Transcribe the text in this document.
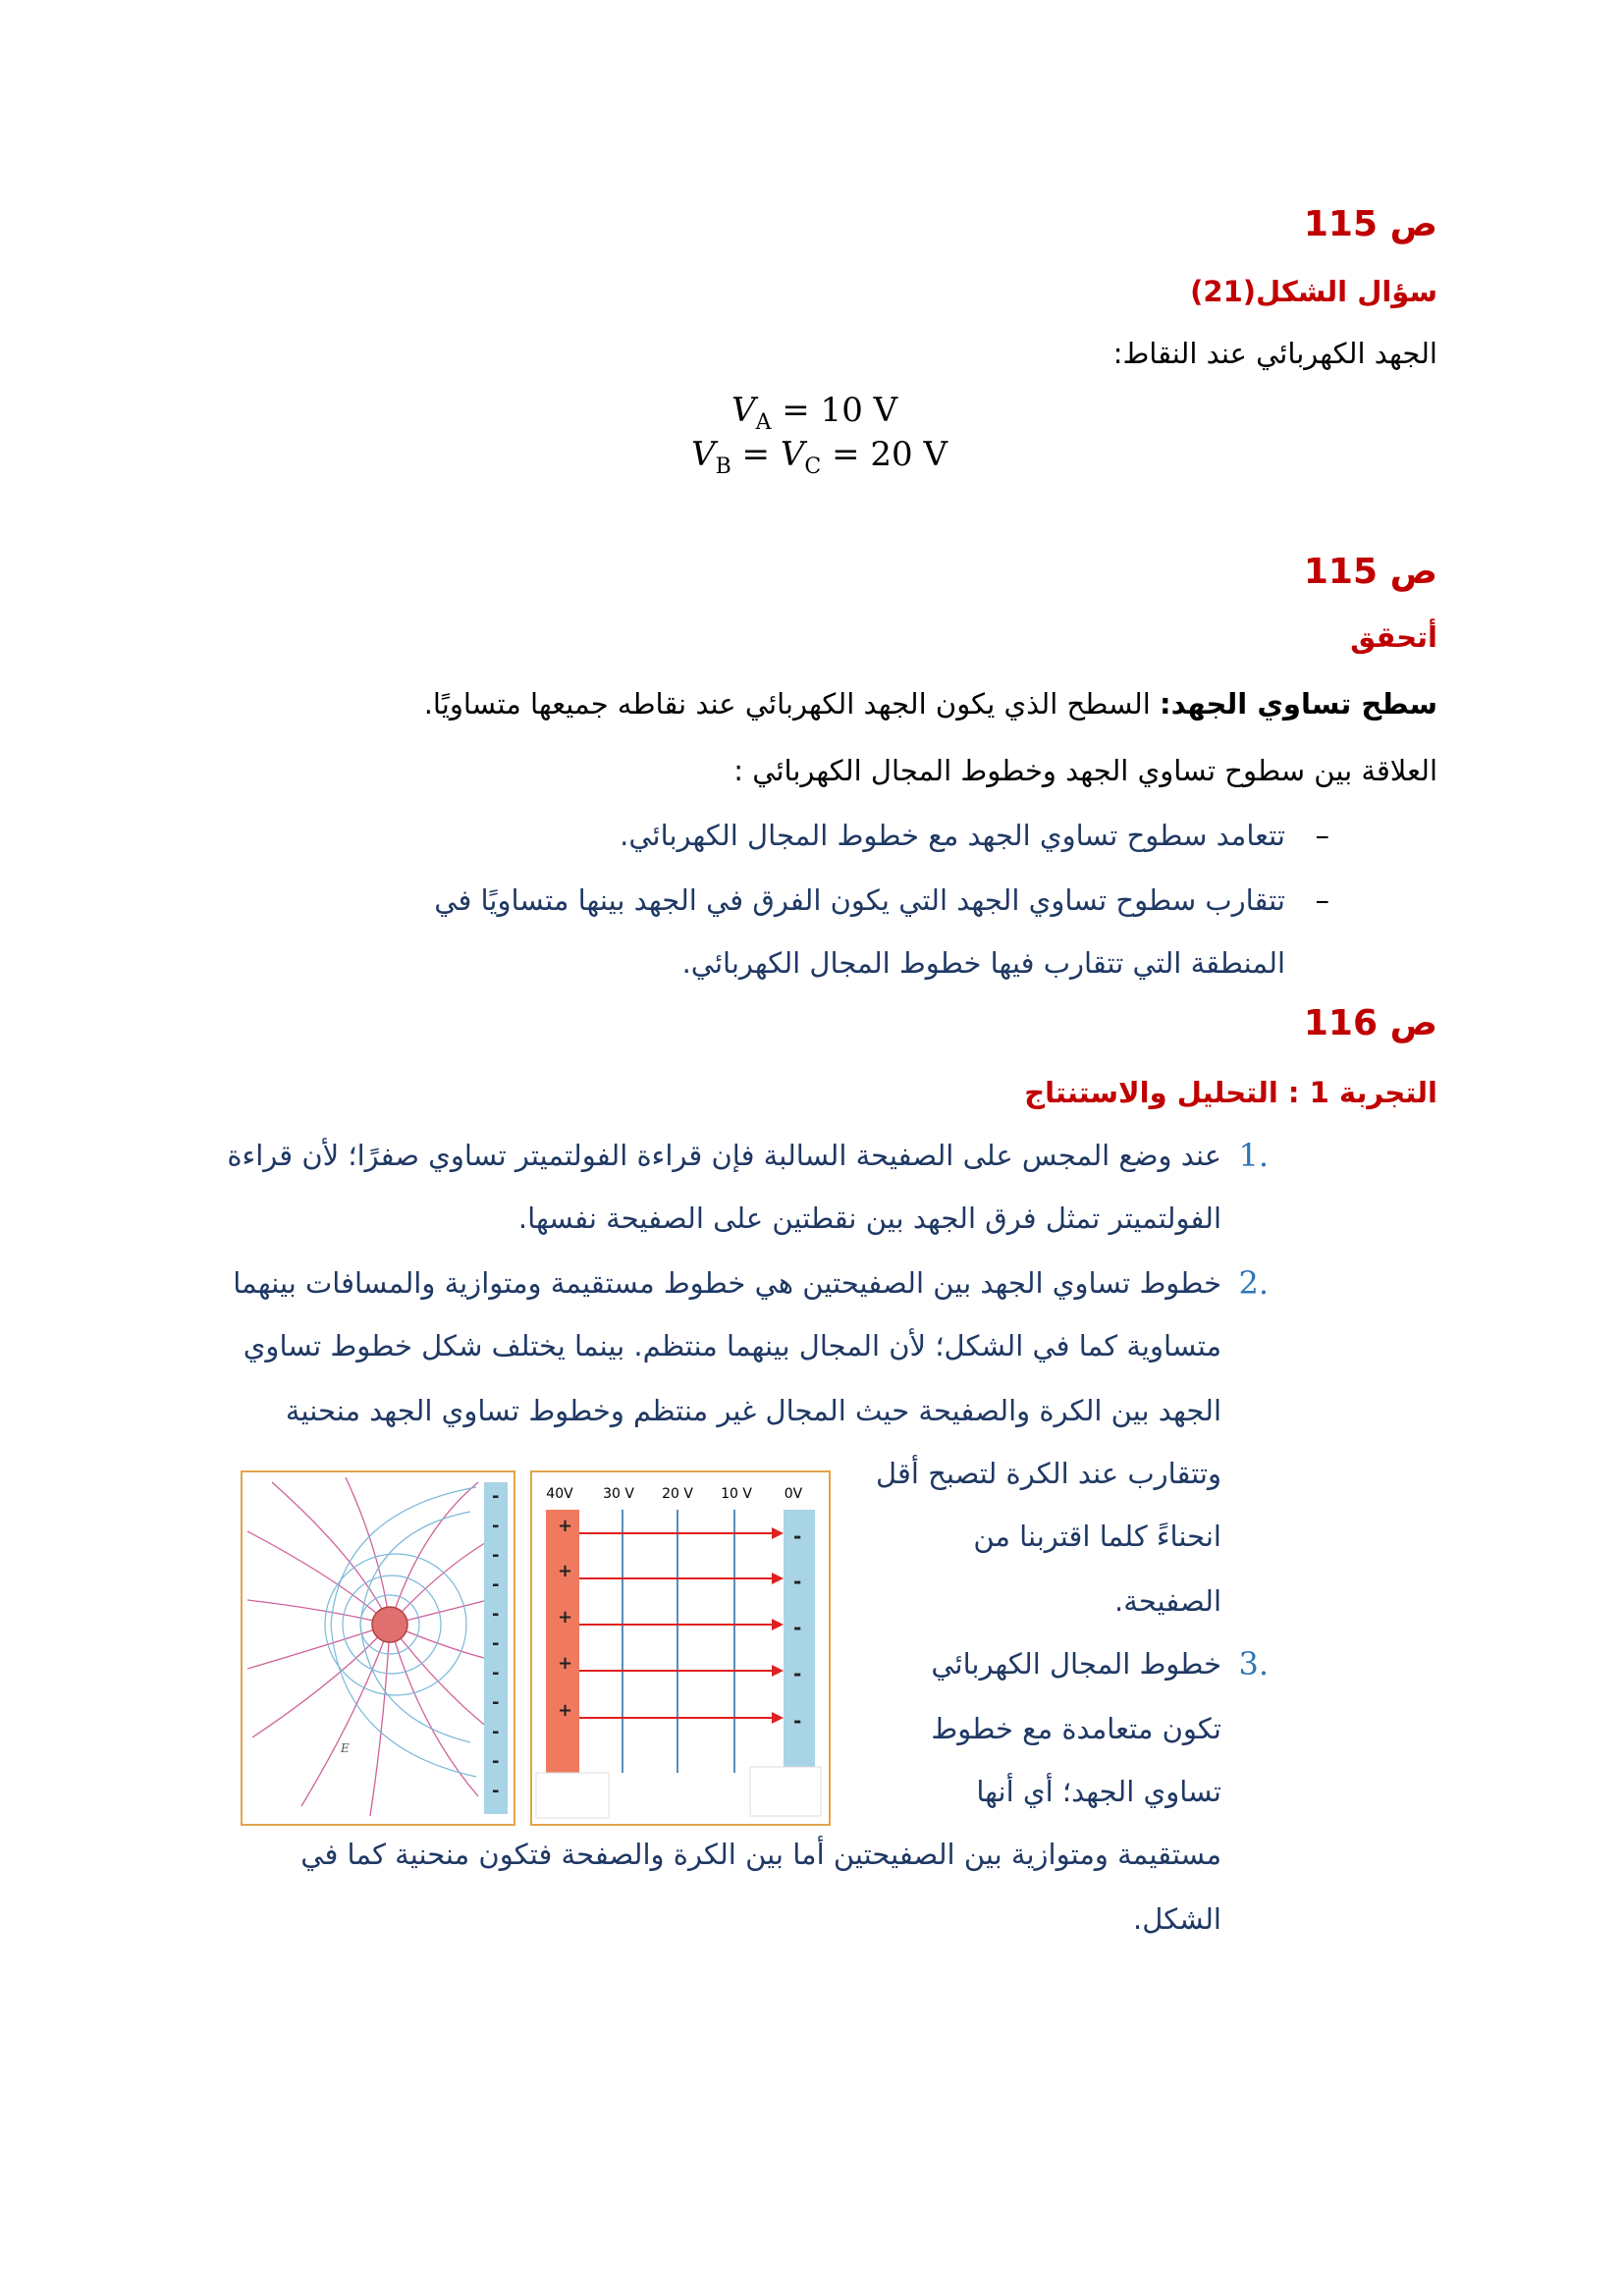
ص 115
سؤال الشكل(21)
الجهد الكهربائي عند النقاط:
$V_A = 10$ V
$V_B = V_C = 20$ V
ص 115
أتحقق
سطح تساوي الجهد: السطح الذي يكون الجهد الكهربائي عند نقاطه جميعها متساويًا.
العلاقة بين سطوح تساوي الجهد وخطوط المجال الكهربائي :
–
تتعامد سطوح تساوي الجهد مع خطوط المجال الكهربائي.
–
تتقارب سطوح تساوي الجهد التي يكون الفرق في الجهد بينها متساويًا في
المنطقة التي تتقارب فيها خطوط المجال الكهربائي.
ص 116
التجربة 1 : التحليل والاستنتاج
1.
عند وضع المجس على الصفيحة السالبة فإن قراءة الفولتميتر تساوي صفرًا؛ لأن قراءة
الفولتميتر تمثل فرق الجهد بين نقطتين على الصفيحة نفسها.
2.
خطوط تساوي الجهد بين الصفيحتين هي خطوط مستقيمة ومتوازية والمسافات بينهما
متساوية كما في الشكل؛ لأن المجال بينهما منتظم. بينما يختلف شكل خطوط تساوي
الجهد بين الكرة والصفيحة حيث المجال غير منتظم وخطوط تساوي الجهد منحنية
وتتقارب عند الكرة لتصبح أقل
انحناءً كلما اقتربنا من
الصفيحة.
3.
خطوط المجال الكهربائي
تكون متعامدة مع خطوط
تساوي الجهد؛ أي أنها
مستقيمة ومتوازية بين الصفيحتين أما بين الكرة والصفحة فتكون منحنية كما في
الشكل.
-
-
-
-
-
-
-
-
-
-
-
E
40V 30 V 20 V 10 V 0V
+
+
+
+
+
-
-
-
-
-
